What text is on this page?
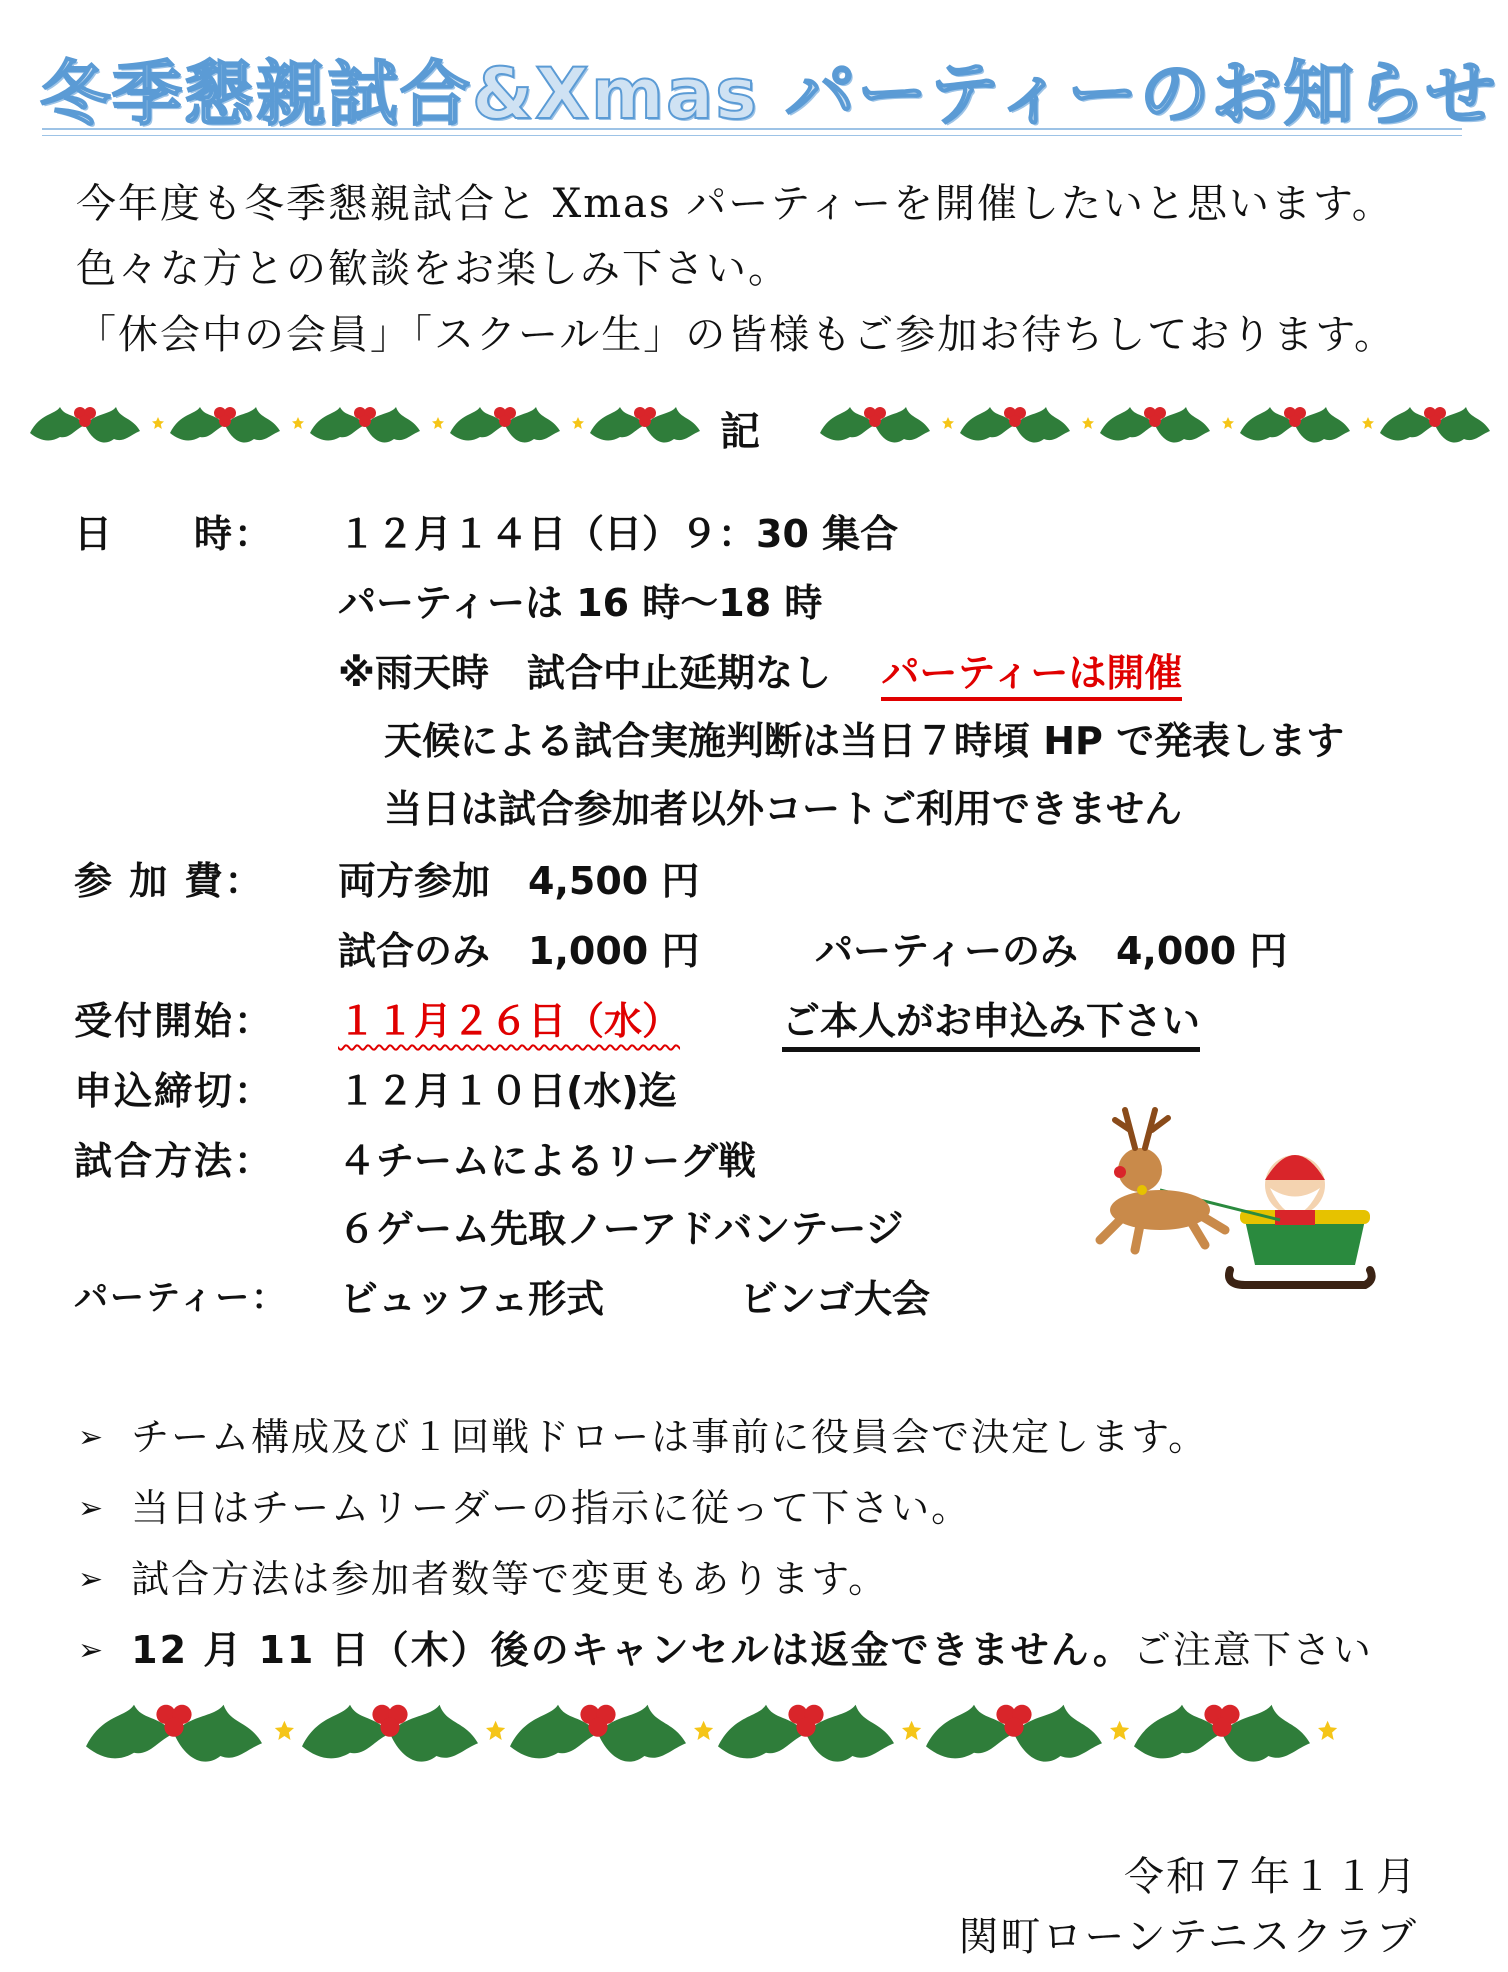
冬季懇親試合&Xmas パーティーのお知らせ
今年度も冬季懇親試合と Xmas パーティーを開催したいと思います。
色々な方との歓談をお楽しみ下さい。
「休会中の会員」「スクール生」の皆様もご参加お待ちしております。
記
日　　時： １２月１４日（日）９：30 集合
パーティーは 16 時～18 時
※雨天時　試合中止延期なし パーティーは開催
天候による試合実施判断は当日７時頃 HP で発表します
当日は試合参加者以外コートご利用できません
参 加 費： 両方参加　4,500 円
試合のみ　1,000 円	パーティーのみ　4,000 円
受付開始： １１月２６日（水）	ご本人がお申込み下さい
申込締切： １２月１０日(水)迄
試合方法： ４チームによるリーグ戦
６ゲーム先取ノーアドバンテージ
パーティー： ビュッフェ形式	ビンゴ大会
➢ チーム構成及び１回戦ドローは事前に役員会で決定します。
➢ 当日はチームリーダーの指示に従って下さい。
➢ 試合方法は参加者数等で変更もあります。
➢ 12 月 11 日（木）後のキャンセルは返金できません。ご注意下さい
令和７年１１月
関町ローンテニスクラブ
